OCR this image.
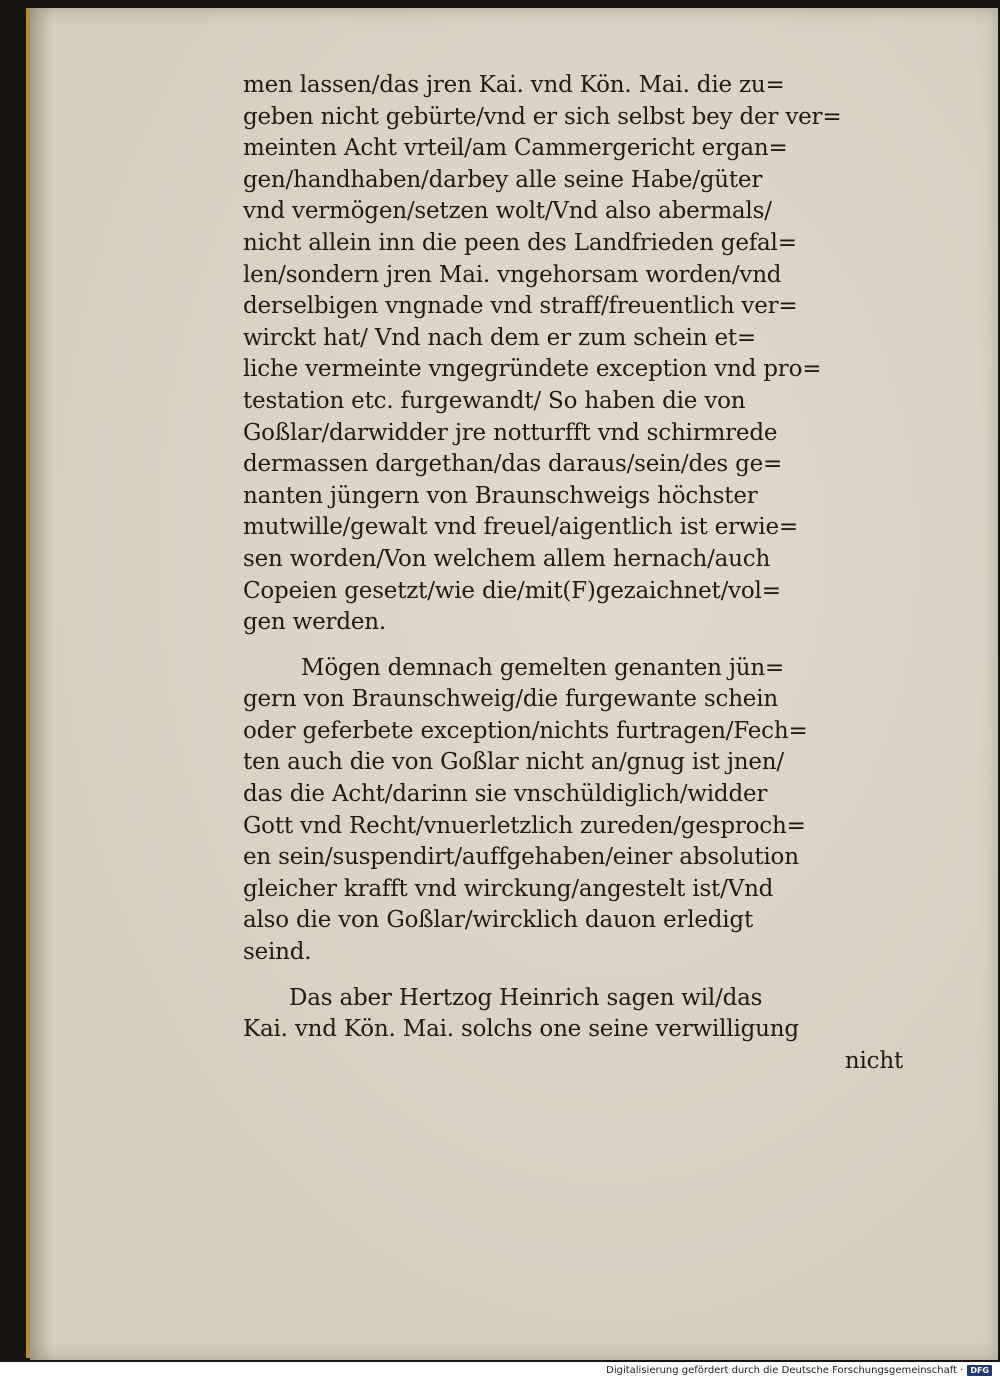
men lassen/das jren Kai. vnd Kön. Mai. die zu=
geben nicht gebürte/vnd er sich selbst bey der ver=
meinten Acht vrteil/am Cammergericht ergan=
gen/handhaben/darbey alle seine Habe/güter
vnd vermögen/setzen wolt/Vnd also abermals/
nicht allein inn die peen des Landfrieden gefal=
len/sondern jren Mai. vngehorsam worden/vnd
derselbigen vngnade vnd straff/freuentlich ver=
wirckt hat/ Vnd nach dem er zum schein et=
liche vermeinte vngegründete exception vnd pro=
testation etc. furgewandt/ So haben die von
Goßlar/darwidder jre notturfft vnd schirmrede
dermassen dargethan/das daraus/sein/des ge=
nanten jüngern von Braunschweigs höchster
mutwille/gewalt vnd freuel/aigentlich ist erwie=
sen worden/Von welchem allem hernach/auch
Copeien gesetzt/wie die/mit(F)gezaichnet/vol=
gen werden.
Mögen demnach gemelten genanten jün=
gern von Braunschweig/die furgewante schein
oder geferbete exception/nichts furtragen/Fech=
ten auch die von Goßlar nicht an/gnug ist jnen/
das die Acht/darinn sie vnschüldiglich/widder
Gott vnd Recht/vnuerletzlich zureden/gesproch=
en sein/suspendirt/auffgehaben/einer absolution
gleicher krafft vnd wirckung/angestelt ist/Vnd
also die von Goßlar/wircklich dauon erledigt
seind.
Das aber Hertzog Heinrich sagen wil/das
Kai. vnd Kön. Mai. solchs one seine verwilligung
nicht
Digitalisierung gefördert durch die Deutsche Forschungsgemeinschaft · DFG
